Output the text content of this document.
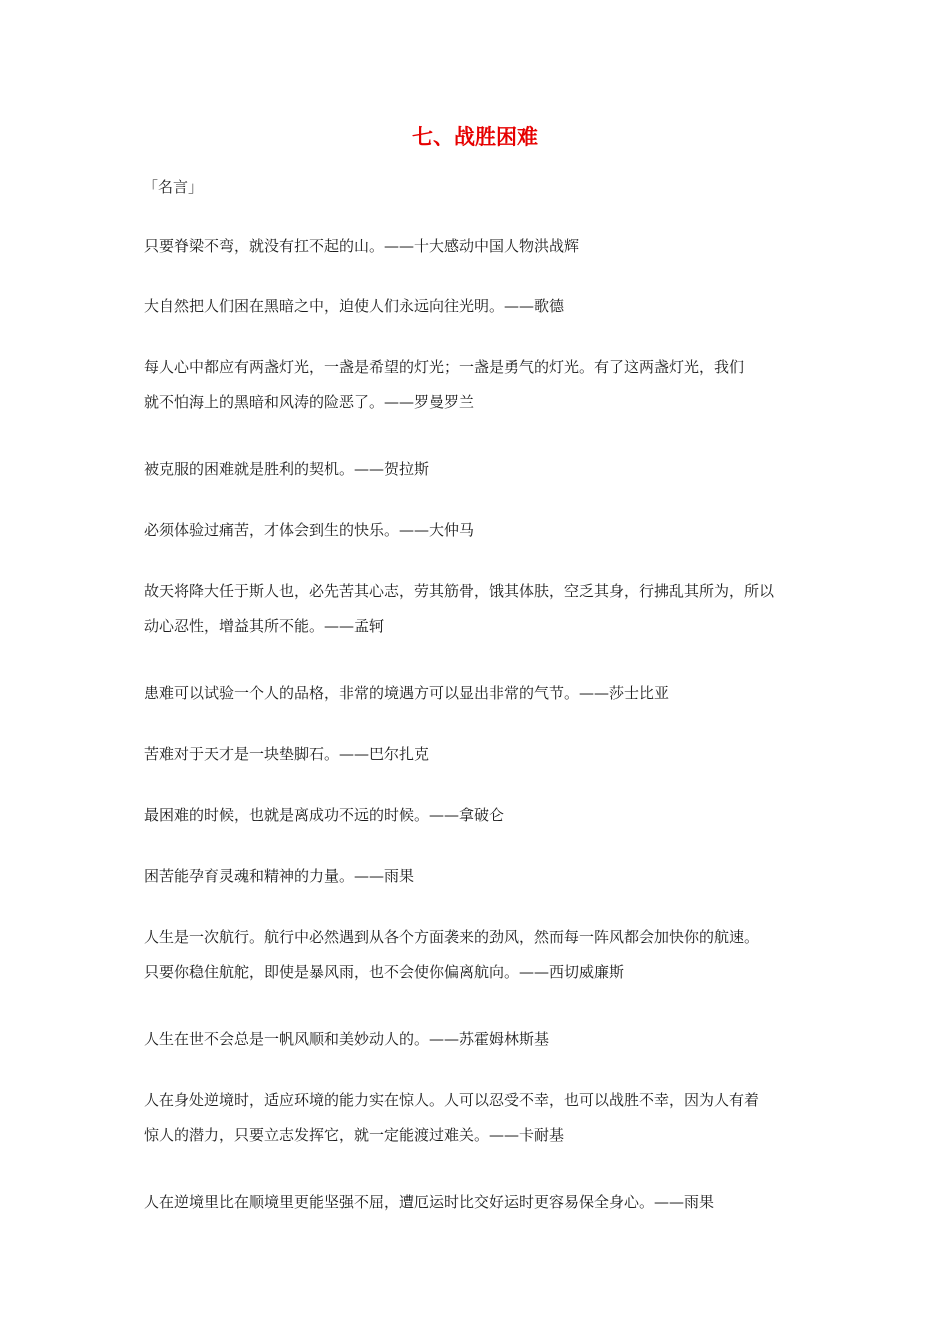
七、战胜困难

「名言」

只要脊梁不弯，就没有扛不起的山。——十大感动中国人物洪战辉

大自然把人们困在黑暗之中，迫使人们永远向往光明。——歌德

每人心中都应有两盏灯光，一盏是希望的灯光；一盏是勇气的灯光。有了这两盏灯光，我们
就不怕海上的黑暗和风涛的险恶了。——罗曼罗兰

被克服的困难就是胜利的契机。——贺拉斯

必须体验过痛苦，才体会到生的快乐。——大仲马

故天将降大任于斯人也，必先苦其心志，劳其筋骨，饿其体肤，空乏其身，行拂乱其所为，所以
动心忍性，增益其所不能。——孟轲

患难可以试验一个人的品格，非常的境遇方可以显出非常的气节。——莎士比亚

苦难对于天才是一块垫脚石。——巴尔扎克

最困难的时候，也就是离成功不远的时候。——拿破仑

困苦能孕育灵魂和精神的力量。——雨果

人生是一次航行。航行中必然遇到从各个方面袭来的劲风，然而每一阵风都会加快你的航速。
只要你稳住航舵，即使是暴风雨，也不会使你偏离航向。——西切威廉斯

人生在世不会总是一帆风顺和美妙动人的。——苏霍姆林斯基

人在身处逆境时，适应环境的能力实在惊人。人可以忍受不幸，也可以战胜不幸，因为人有着
惊人的潜力，只要立志发挥它，就一定能渡过难关。——卡耐基

人在逆境里比在顺境里更能坚强不屈，遭厄运时比交好运时更容易保全身心。——雨果
